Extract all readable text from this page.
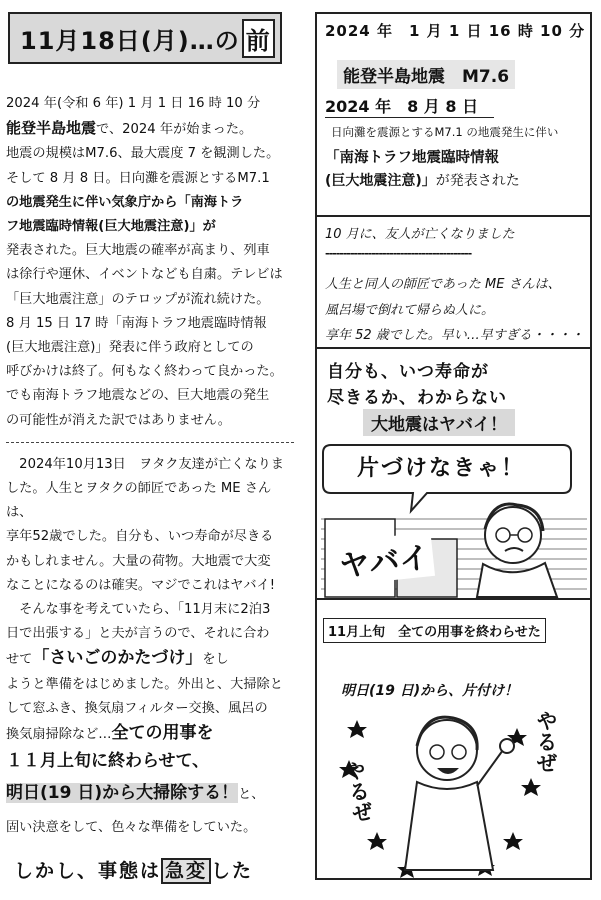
11月18日(月)…の 前

2024 年(令和 6 年) 1 月 1 日 16 時 10 分

能登半島地震で、2024 年が始まった。

地震の規模はM7.6、最大震度 7 を観測した。

そして 8 月 8 日。日向灘を震源とするM7.1

の地震発生に伴い気象庁から「南海トラ

フ地震臨時情報(巨大地震注意)」が

発表された。巨大地震の確率が高まり、列車

は徐行や運休、イベントなども自粛。テレビは

「巨大地震注意」のテロップが流れ続けた。

8 月 15 日 17 時「南海トラフ地震臨時情報

(巨大地震注意)」発表に伴う政府としての

呼びかけは終了。何もなく終わって良かった。

でも南海トラフ地震などの、巨大地震の発生

の可能性が消えた訳ではありません。

　2024年10月13日　ヲタク友達が亡くなりま

した。人生とヲタクの師匠であった ME さんは、

享年52歳でした。自分も、いつ寿命が尽きる

かもしれません。大量の荷物。大地震で大変

なことになるのは確実。マジでこれはヤバイ!

　そんな事を考えていたら、「11月末に2泊3

日で出張する」と夫が言うので、それに合わ

せて「さいごのかたづけ」をし

ようと準備をはじめました。外出と、大掃除と

して窓ふき、換気扇フィルター交換、風呂の

換気扇掃除など…全ての用事を

１１月上旬に終わらせて、

明日(19 日)から大掃除する！と、

固い決意をして、色々な準備をしていた。

しかし、事態は 急変 した
2024 年　1 月 1 日 16 時 10 分
能登半島地震　M7.6
2024 年　8 月 8 日
日向灘を震源とするM7.1 の地震発生に伴い
「南海トラフ地震臨時情報
(巨大地震注意)」が発表された
10 月に、友人が亡くなりました
-----------------------------------------
人生と同人の師匠であった ME さんは、
風呂場で倒れて帰らぬ人に。
享年 52 歳でした。早い…早すぎる・・・・
自分も、いつ寿命が
尽きるか、わからない
大地震はヤバイ！
片づけなきゃ！
ヤバイ
11月上旬　全ての用事を終わらせた
明日(19 日)から、片付け！
やるぜ
やるぜ
